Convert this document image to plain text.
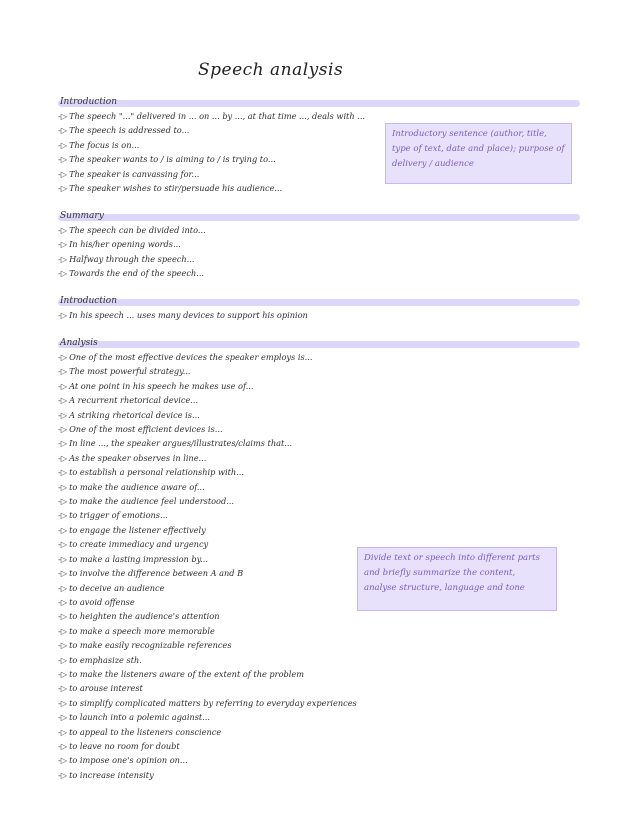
Speech analysis
Introduction
-▷ The speech "..." delivered in ... on ... by ..., at that time ..., deals with ...
-▷ The speech is addressed to...
-▷ The focus is on...
-▷ The speaker wants to / is aiming to / is trying to...
-▷ The speaker is canvassing for...
-▷ The speaker wishes to stir/persuade his audience...
Summary
-▷ The speech can be divided into...
-▷ In his/her opening words...
-▷ Halfway through the speech...
-▷ Towards the end of the speech...
Introduction
-▷ In his speech ... uses many devices to support his opinion
Analysis
-▷ One of the most effective devices the speaker employs is...
-▷ The most powerful strategy...
-▷ At one point in his speech he makes use of...
-▷ A recurrent rhetorical device...
-▷ A striking rhetorical device is...
-▷ One of the most efficient devices is...
-▷ In line ..., the speaker argues/illustrates/claims that...
-▷ As the speaker observes in line...
-▷ to establish a personal relationship with...
-▷ to make the audience aware of...
-▷ to make the audience feel understood...
-▷ to trigger of emotions...
-▷ to engage the listener effectively
-▷ to create immediacy and urgency
-▷ to make a lasting impression by...
-▷ to involve the difference between A and B
-▷ to deceive an audience
-▷ to avoid offense
-▷ to heighten the audience's attention
-▷ to make a speech more memorable
-▷ to make easily recognizable references
-▷ to emphasize sth.
-▷ to make the listeners aware of the extent of the problem
-▷ to arouse interest
-▷ to simplify complicated matters by referring to everyday experiences
-▷ to launch into a polemic against...
-▷ to appeal to the listeners conscience
-▷ to leave no room for doubt
-▷ to impose one's opinion on...
-▷ to increase intensity
Introductory sentence (author, title, type of text, date and place); purpose of delivery / audience
Divide text or speech into different parts and briefly summarize the content, analyse structure, language and tone
